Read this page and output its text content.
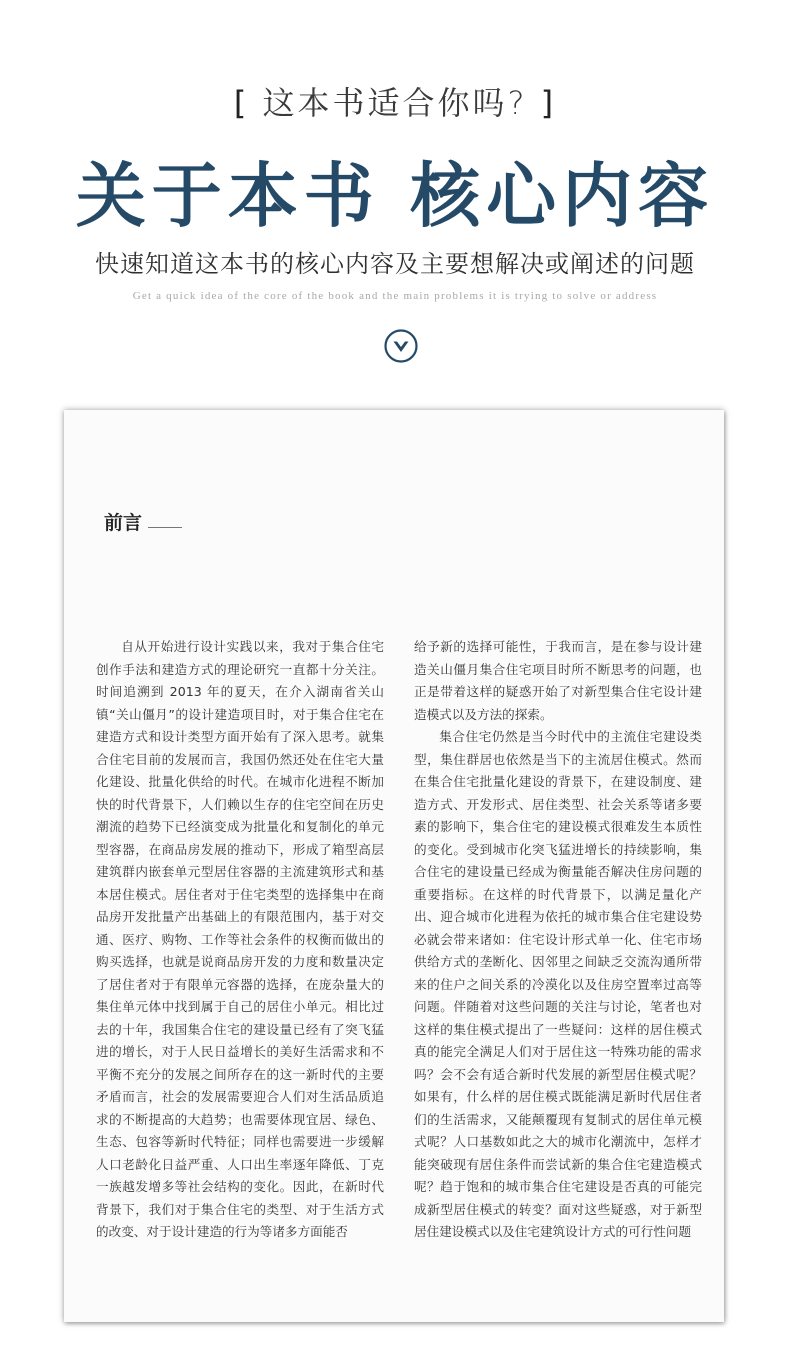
[ 这本书适合你吗? ]
关于本书 核心内容
快速知道这本书的核心内容及主要想解决或阐述的问题
Get a quick idea of the core of the book and the main problems it is trying to solve or address
前言

自从开始进行设计实践以来，我对于集合住宅创作手法和建造方式的理论研究一直都十分关注。时间追溯到 2013 年的夏天，在介入湖南省关山镇“关山僵月”的设计建造项目时，对于集合住宅在建造方式和设计类型方面开始有了深入思考。就集合住宅目前的发展而言，我国仍然还处在住宅大量化建设、批量化供给的时代。在城市化进程不断加快的时代背景下，人们赖以生存的住宅空间在历史潮流的趋势下已经演变成为批量化和复制化的单元型容器，在商品房发展的推动下，形成了箱型高层建筑群内嵌套单元型居住容器的主流建筑形式和基本居住模式。居住者对于住宅类型的选择集中在商品房开发批量产出基础上的有限范围内，基于对交通、医疗、购物、工作等社会条件的权衡而做出的购买选择，也就是说商品房开发的力度和数量决定了居住者对于有限单元容器的选择，在庞杂量大的集住单元体中找到属于自己的居住小单元。相比过去的十年，我国集合住宅的建设量已经有了突飞猛进的增长，对于人民日益增长的美好生活需求和不平衡不充分的发展之间所存在的这一新时代的主要矛盾而言，社会的发展需要迎合人们对生活品质追求的不断提高的大趋势；也需要体现宜居、绿色、生态、包容等新时代特征；同样也需要进一步缓解人口老龄化日益严重、人口出生率逐年降低、丁克一族越发增多等社会结构的变化。因此，在新时代背景下，我们对于集合住宅的类型、对于生活方式的改变、对于设计建造的行为等诸多方面能否

给予新的选择可能性，于我而言，是在参与设计建造关山僵月集合住宅项目时所不断思考的问题，也正是带着这样的疑惑开始了对新型集合住宅设计建造模式以及方法的探索。

集合住宅仍然是当今时代中的主流住宅建设类型，集住群居也依然是当下的主流居住模式。然而在集合住宅批量化建设的背景下，在建设制度、建造方式、开发形式、居住类型、社会关系等诸多要素的影响下，集合住宅的建设模式很难发生本质性的变化。受到城市化突飞猛进增长的持续影响，集合住宅的建设量已经成为衡量能否解决住房问题的重要指标。在这样的时代背景下，以满足量化产出、迎合城市化进程为依托的城市集合住宅建设势必就会带来诸如：住宅设计形式单一化、住宅市场供给方式的垄断化、因邻里之间缺乏交流沟通所带来的住户之间关系的冷漠化以及住房空置率过高等问题。伴随着对这些问题的关注与讨论，笔者也对这样的集住模式提出了一些疑问：这样的居住模式真的能完全满足人们对于居住这一特殊功能的需求吗？会不会有适合新时代发展的新型居住模式呢？如果有，什么样的居住模式既能满足新时代居住者们的生活需求，又能颠覆现有复制式的居住单元模式呢？人口基数如此之大的城市化潮流中，怎样才能突破现有居住条件而尝试新的集合住宅建造模式呢？趋于饱和的城市集合住宅建设是否真的可能完成新型居住模式的转变？面对这些疑惑，对于新型居住建设模式以及住宅建筑设计方式的可行性问题
